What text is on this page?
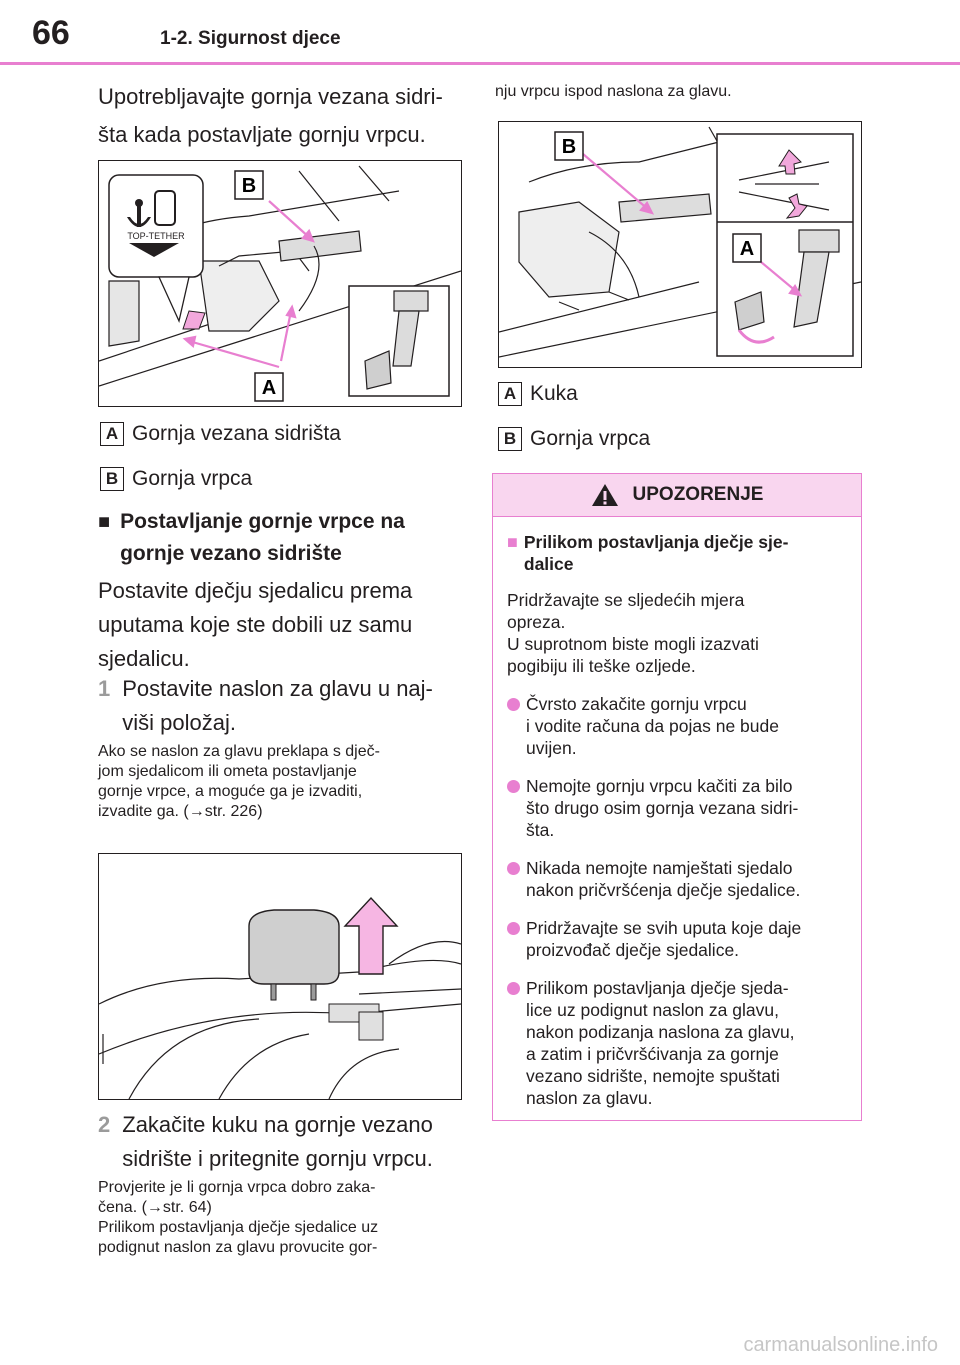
66	1-2. Sigurnost djece
Upotrebljavajte gornja vezana sidri-
šta kada postavljate gornju vrpcu.
TOP-TETHER
B
A
A Gornja vezana sidrišta
B Gornja vrpca
■ Postavljanje gornje vrpce na
gornje vezano sidrište
Postavite dječju sjedalicu prema
uputama koje ste dobili uz samu
sjedalicu.
1 Postavite naslon za glavu u naj-
viši položaj.
Ako se naslon za glavu preklapa s dječ-
jom sjedalicom ili ometa postavljanje
gornje vrpce, a moguće ga je izvaditi,
izvadite ga. (→str. 226)
2 Zakačite kuku na gornje vezano
sidrište i pritegnite gornju vrpcu.
Provjerite je li gornja vrpca dobro zaka-
čena. (→str. 64)
Prilikom postavljanja dječje sjedalice uz
podignut naslon za glavu provucite gor-
nju vrpcu ispod naslona za glavu.
B
A
A Kuka
B Gornja vrpca
UPOZORENJE
■ Prilikom postavljanja dječje sje-
dalice
Pridržavajte se sljedećih mjera
opreza.
U suprotnom biste mogli izazvati
pogibiju ili teške ozljede.
Čvrsto zakačite gornju vrpcu
i vodite računa da pojas ne bude
uvijen.
Nemojte gornju vrpcu kačiti za bilo
što drugo osim gornja vezana sidri-
šta.
Nikada nemojte namještati sjedalo
nakon pričvršćenja dječje sjedalice.
Pridržavajte se svih uputa koje daje
proizvođač dječje sjedalice.
Prilikom postavljanja dječje sjeda-
lice uz podignut naslon za glavu,
nakon podizanja naslona za glavu,
a zatim i pričvršćivanja za gornje
vezano sidrište, nemojte spuštati
naslon za glavu.
carmanualsonline.info
